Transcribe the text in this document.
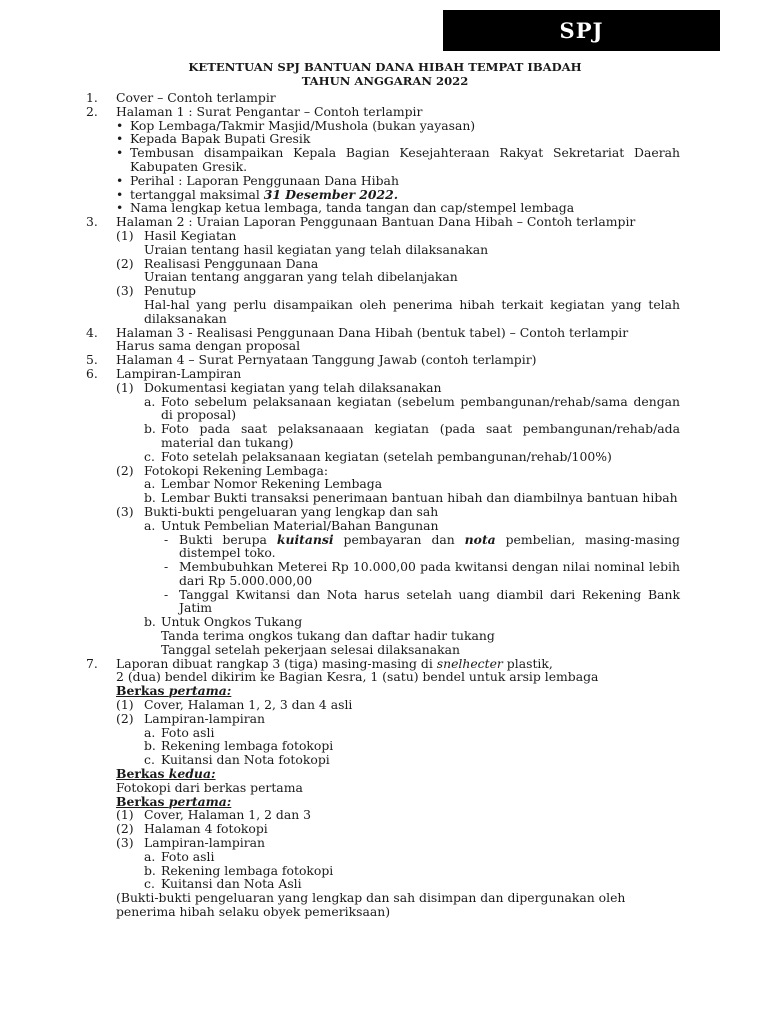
SPJ
KETENTUAN SPJ BANTUAN DANA HIBAH TEMPAT IBADAH
TAHUN ANGGARAN 2022
1.	Cover – Contoh terlampir
2.	Halaman 1 : Surat Pengantar – Contoh terlampir
• Kop Lembaga/Takmir Masjid/Mushola (bukan yayasan)
• Kepada Bapak Bupati Gresik
• Tembusan disampaikan Kepala Bagian Kesejahteraan Rakyat Sekretariat Daerah Kabupaten Gresik.
• Perihal : Laporan Penggunaan Dana Hibah
• tertanggal maksimal 31 Desember 2022.
• Nama lengkap ketua lembaga, tanda tangan dan cap/stempel lembaga
3.	Halaman 2 : Uraian Laporan Penggunaan Bantuan Dana Hibah – Contoh terlampir
(1) Hasil Kegiatan
Uraian tentang hasil kegiatan yang telah dilaksanakan
(2) Realisasi Penggunaan Dana
Uraian tentang anggaran yang telah dibelanjakan
(3) Penutup
Hal-hal yang perlu disampaikan oleh penerima hibah terkait kegiatan yang telah dilaksanakan
4.	Halaman 3 - Realisasi Penggunaan Dana Hibah (bentuk tabel) – Contoh terlampir
Harus sama dengan proposal
5.	Halaman 4 – Surat Pernyataan Tanggung Jawab (contoh terlampir)
6.	Lampiran-Lampiran
(1) Dokumentasi kegiatan yang telah dilaksanakan
a. Foto sebelum pelaksanaan kegiatan (sebelum pembangunan/rehab/sama dengan di proposal)
b. Foto pada saat pelaksanaaan kegiatan (pada saat pembangunan/rehab/ada material dan tukang)
c. Foto setelah pelaksanaan kegiatan (setelah pembangunan/rehab/100%)
(2) Fotokopi Rekening Lembaga:
a. Lembar Nomor Rekening Lembaga
b. Lembar Bukti transaksi penerimaan bantuan hibah dan diambilnya bantuan hibah
(3) Bukti-bukti pengeluaran yang lengkap dan sah
a. Untuk Pembelian Material/Bahan Bangunan
- Bukti berupa kuitansi pembayaran dan nota pembelian, masing-masing distempel toko.
- Membubuhkan Meterei Rp 10.000,00 pada kwitansi dengan nilai nominal lebih dari Rp 5.000.000,00
- Tanggal Kwitansi dan Nota harus setelah uang diambil dari Rekening Bank Jatim
b. Untuk Ongkos Tukang
Tanda terima ongkos tukang dan daftar hadir tukang
Tanggal setelah pekerjaan selesai dilaksanakan
7.	Laporan dibuat rangkap 3 (tiga) masing-masing di snelhecter plastik,
2 (dua) bendel dikirim ke Bagian Kesra, 1 (satu) bendel untuk arsip lembaga
Berkas pertama:
(1) Cover, Halaman 1, 2, 3 dan 4 asli
(2) Lampiran-lampiran
a. Foto asli
b. Rekening lembaga fotokopi
c. Kuitansi dan Nota fotokopi
Berkas kedua:
Fotokopi dari berkas pertama
Berkas pertama:
(1) Cover, Halaman 1, 2 dan 3
(2) Halaman 4 fotokopi
(3) Lampiran-lampiran
a. Foto asli
b. Rekening lembaga fotokopi
c. Kuitansi dan Nota Asli
(Bukti-bukti pengeluaran yang lengkap dan sah disimpan dan dipergunakan oleh penerima hibah selaku obyek pemeriksaan)
